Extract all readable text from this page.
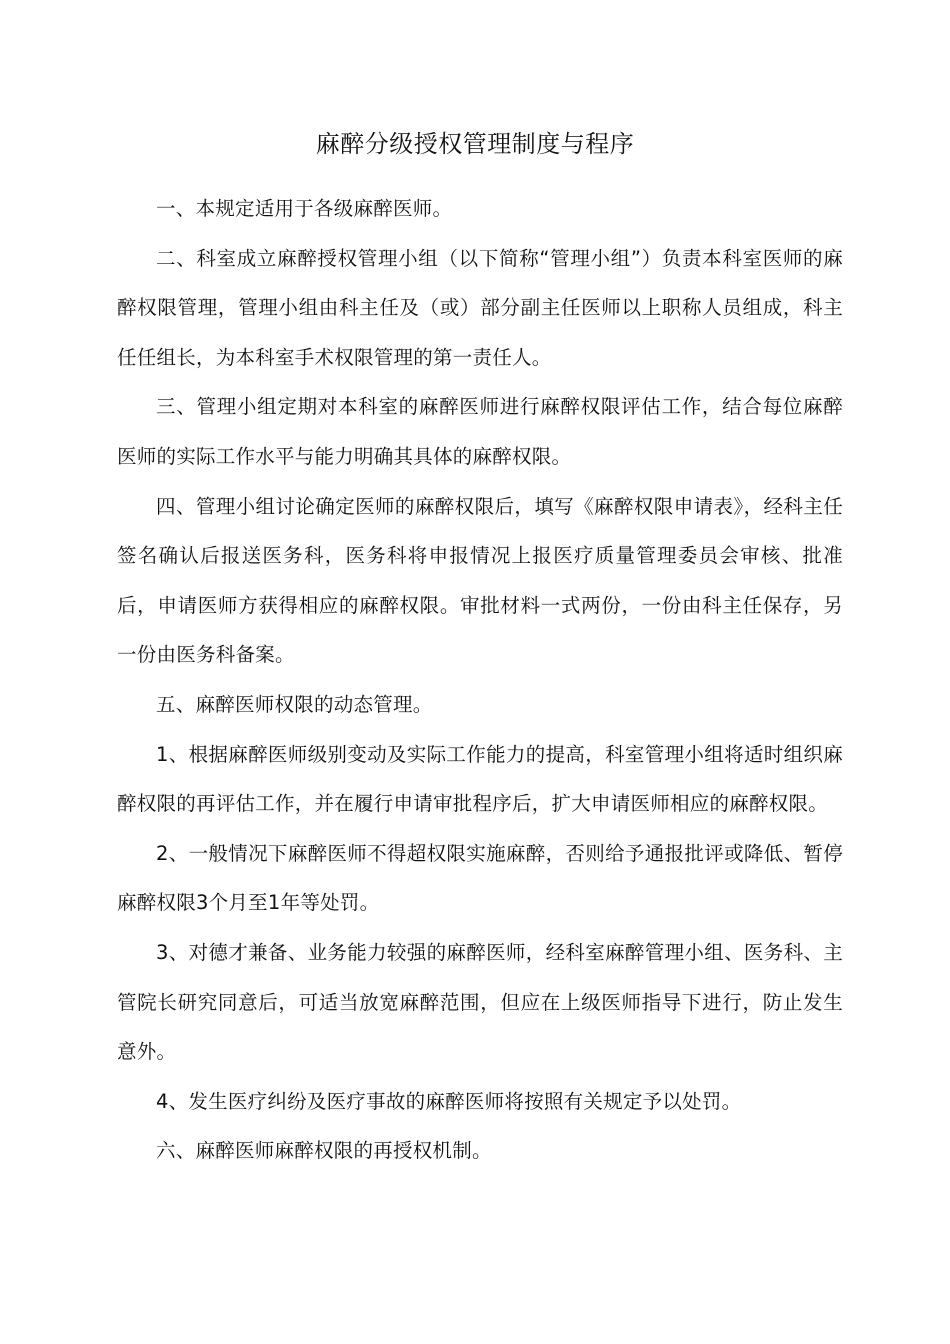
麻醉分级授权管理制度与程序

一、本规定适用于各级麻醉医师。

二、科室成立麻醉授权管理小组（以下简称“管理小组”）负责本科室医师的麻醉权限管理，管理小组由科主任及（或）部分副主任医师以上职称人员组成，科主任任组长，为本科室手术权限管理的第一责任人。

三、管理小组定期对本科室的麻醉医师进行麻醉权限评估工作，结合每位麻醉医师的实际工作水平与能力明确其具体的麻醉权限。

四、管理小组讨论确定医师的麻醉权限后，填写《麻醉权限申请表》，经科主任签名确认后报送医务科，医务科将申报情况上报医疗质量管理委员会审核、批准后，申请医师方获得相应的麻醉权限。审批材料一式两份，一份由科主任保存，另一份由医务科备案。

五、麻醉医师权限的动态管理。

1、根据麻醉医师级别变动及实际工作能力的提高，科室管理小组将适时组织麻醉权限的再评估工作，并在履行申请审批程序后，扩大申请医师相应的麻醉权限。

2、一般情况下麻醉医师不得超权限实施麻醉，否则给予通报批评或降低、暂停麻醉权限3个月至1年等处罚。

3、对德才兼备、业务能力较强的麻醉医师，经科室麻醉管理小组、医务科、主管院长研究同意后，可适当放宽麻醉范围，但应在上级医师指导下进行，防止发生意外。

4、发生医疗纠纷及医疗事故的麻醉医师将按照有关规定予以处罚。

六、麻醉医师麻醉权限的再授权机制。
